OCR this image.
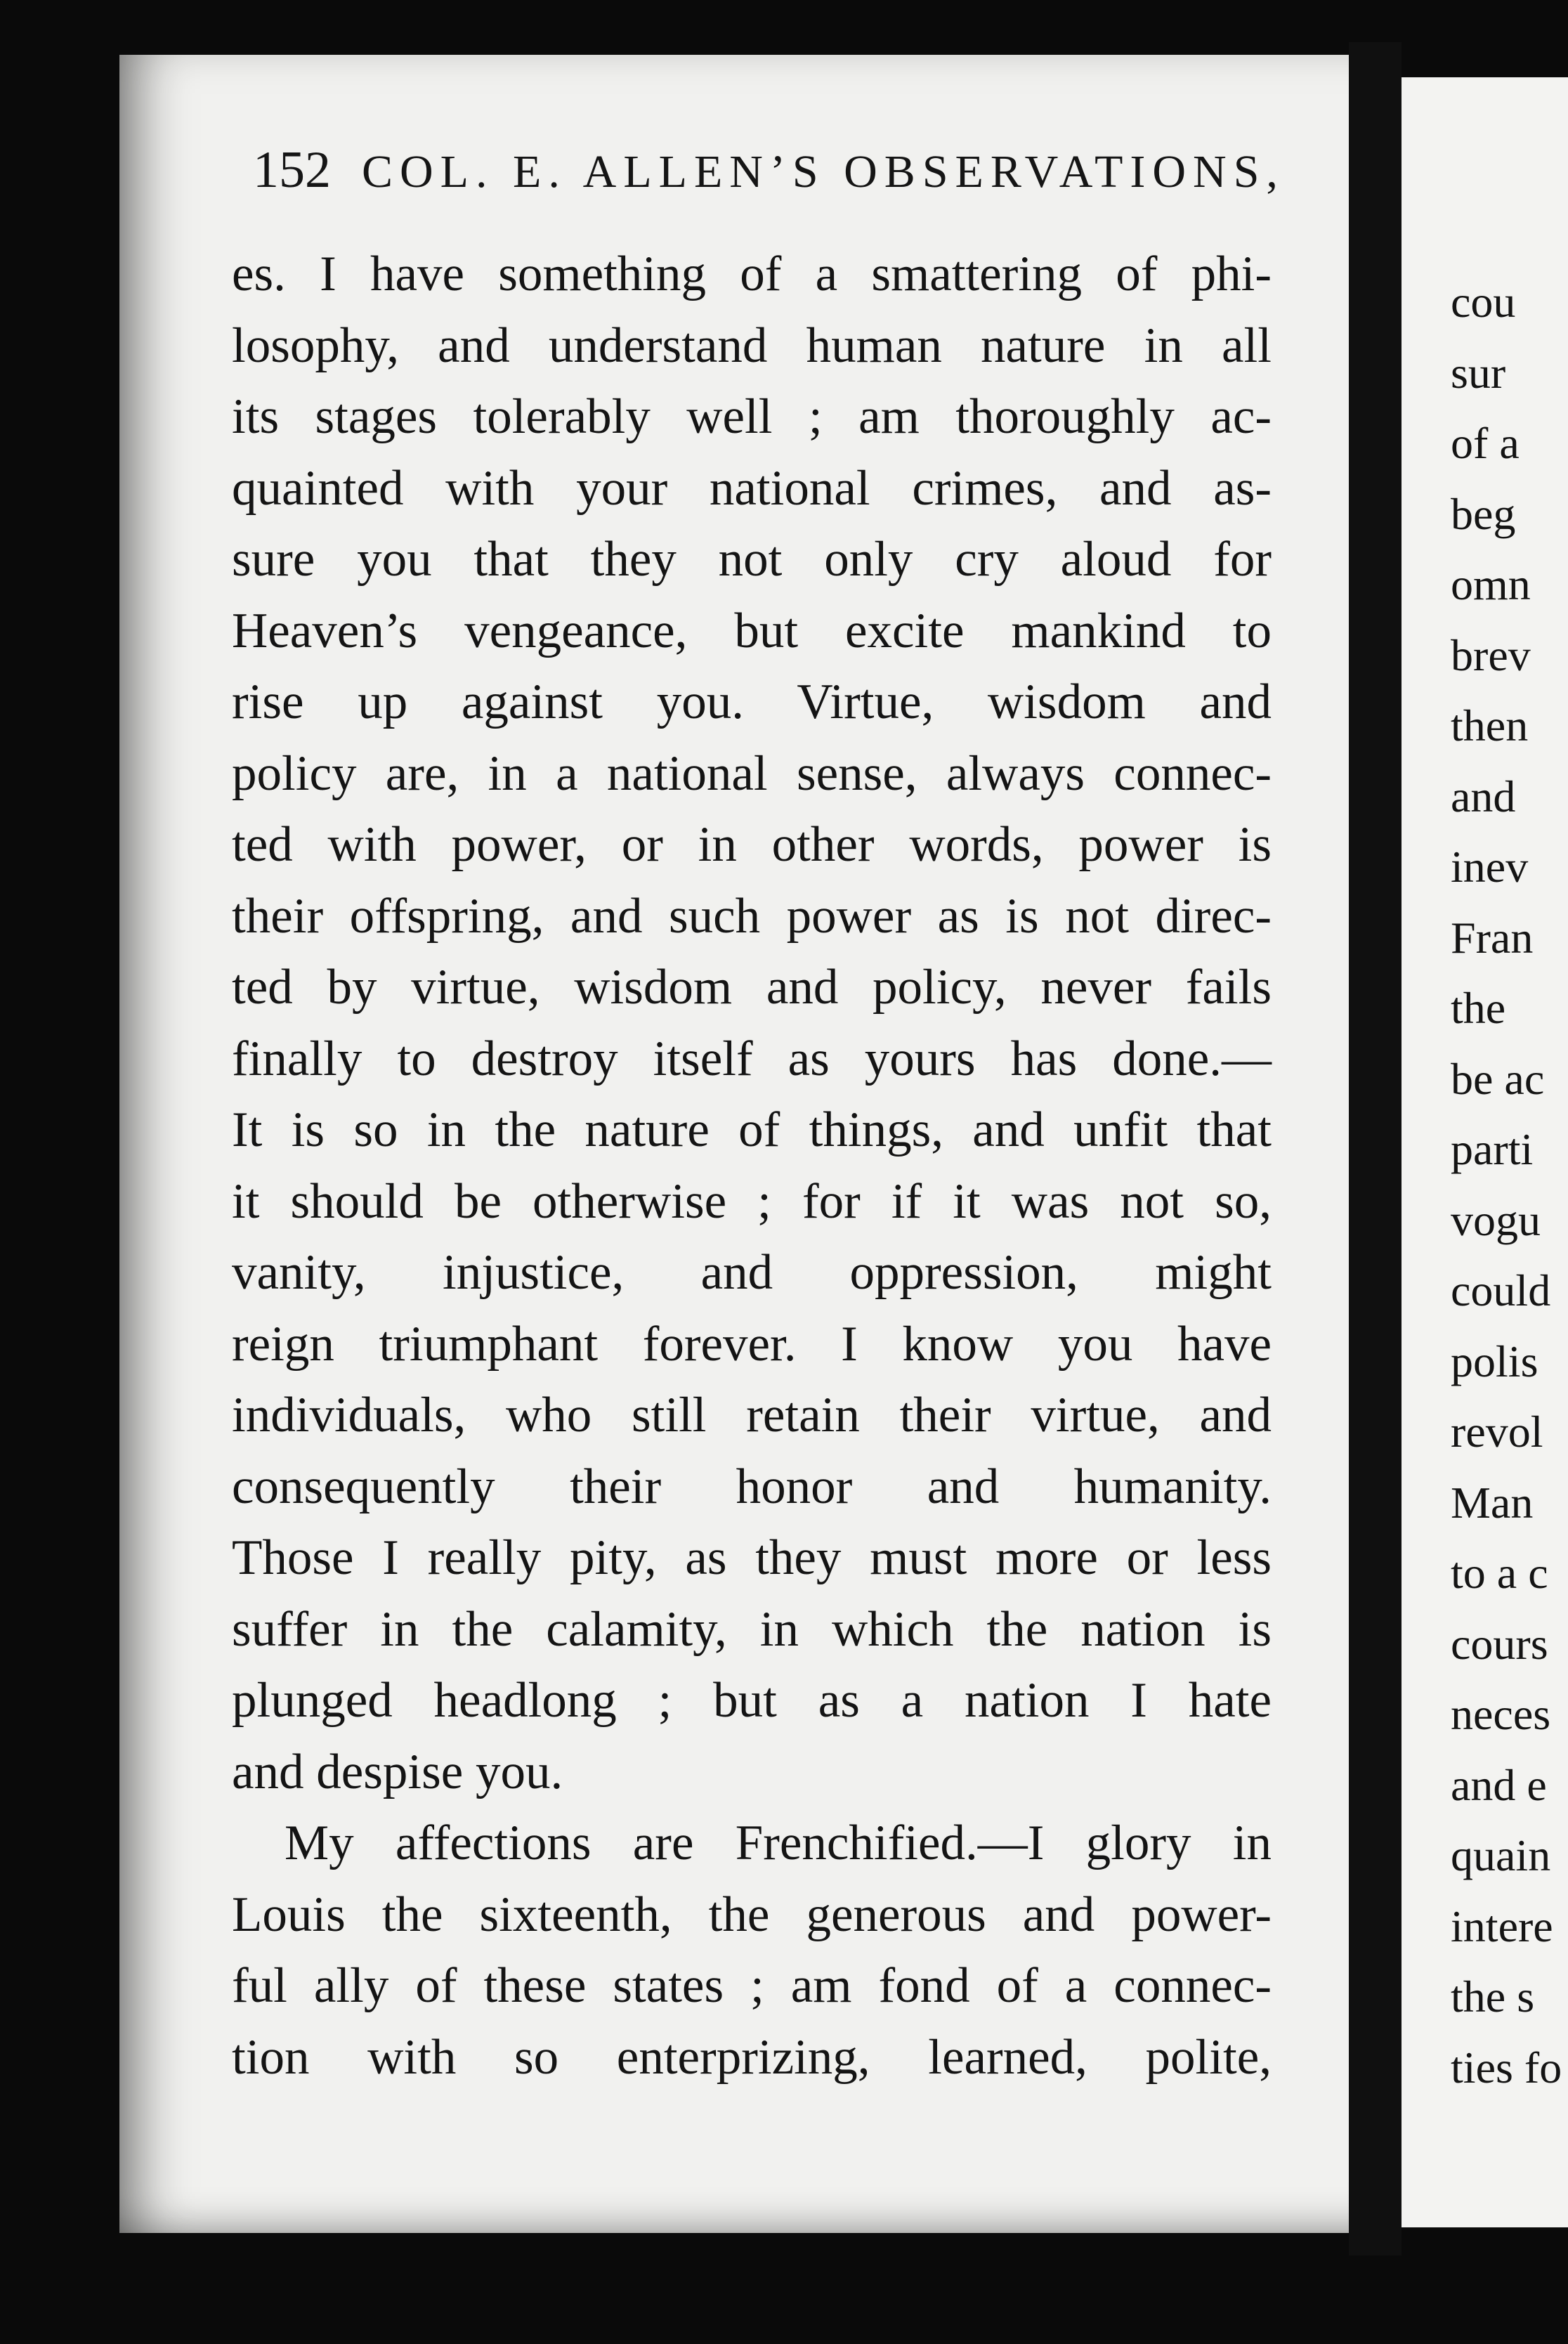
152 COL. E. ALLEN’S OBSERVATIONS,
es. I have something of a smattering of phi-
losophy, and understand human nature in all
its stages tolerably well ; am thoroughly ac-
quainted with your national crimes, and as-
sure you that they not only cry aloud for
Heaven’s vengeance, but excite mankind to
rise up against you. Virtue, wisdom and
policy are, in a national sense, always connec-
ted with power, or in other words, power is
their offspring, and such power as is not direc-
ted by virtue, wisdom and policy, never fails
finally to destroy itself as yours has done.—
It is so in the nature of things, and unfit that
it should be otherwise ; for if it was not so,
vanity, injustice, and oppression, might
reign triumphant forever. I know you have
individuals, who still retain their virtue, and
consequently their honor and humanity.
Those I really pity, as they must more or less
suffer in the calamity, in which the nation is
plunged headlong ; but as a nation I hate
and despise you.
My affections are Frenchified.—I glory in
Louis the sixteenth, the generous and power-
ful ally of these states ; am fond of a connec-
tion with so enterprizing, learned, polite,
cou
sur
of a
beg
omn
brev
then
and
inev
Fran
the
be ac
parti
vogu
could
polis
revol
Man
to a c
cours
neces
and e
quain
intere
the s
ties fo
